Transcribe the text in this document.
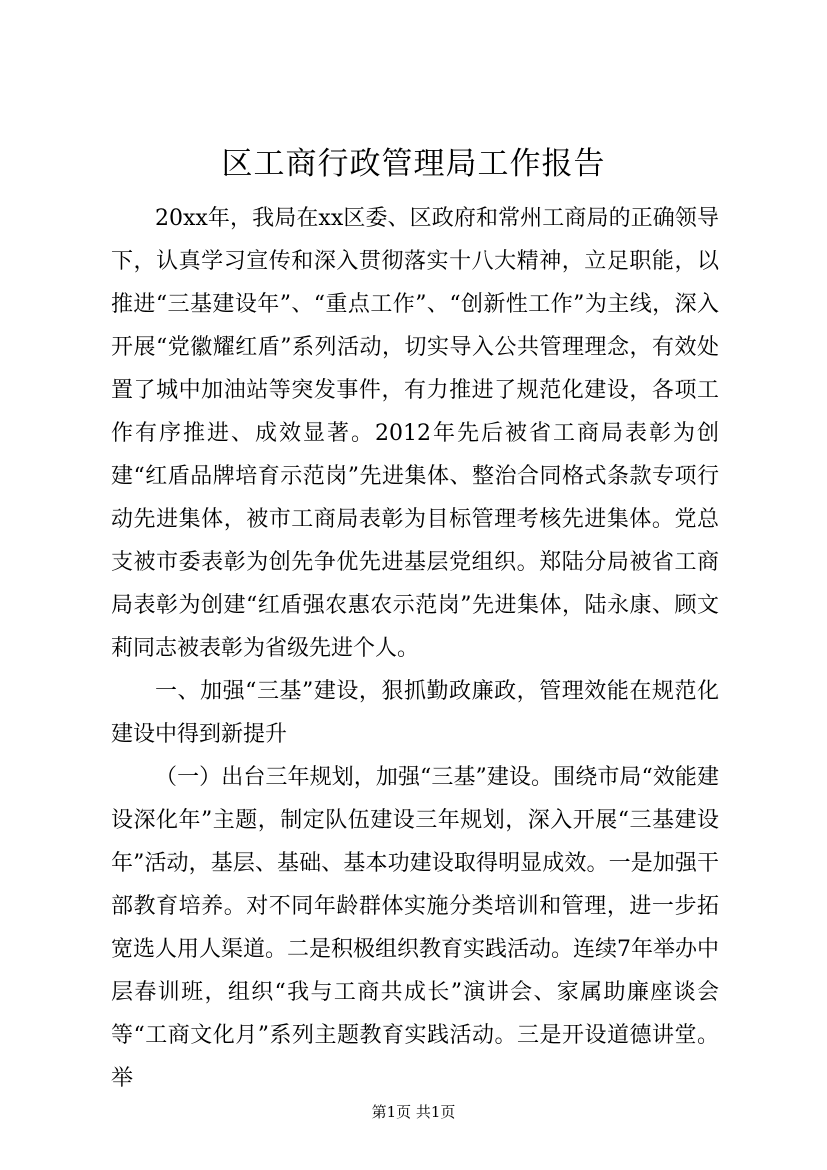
区工商行政管理局工作报告

20xx年，我局在xx区委、区政府和常州工商局的正确领导下，认真学习宣传和深入贯彻落实十八大精神，立足职能，以推进“三基建设年”、“重点工作”、“创新性工作”为主线，深入开展“党徽耀红盾”系列活动，切实导入公共管理理念，有效处置了城中加油站等突发事件，有力推进了规范化建设，各项工作有序推进、成效显著。2012年先后被省工商局表彰为创建“红盾品牌培育示范岗”先进集体、整治合同格式条款专项行动先进集体，被市工商局表彰为目标管理考核先进集体。党总支被市委表彰为创先争优先进基层党组织。郑陆分局被省工商局表彰为创建“红盾强农惠农示范岗”先进集体，陆永康、顾文莉同志被表彰为省级先进个人。

一、加强“三基”建设，狠抓勤政廉政，管理效能在规范化建设中得到新提升

（一）出台三年规划，加强“三基”建设。围绕市局“效能建设深化年”主题，制定队伍建设三年规划，深入开展“三基建设年”活动，基层、基础、基本功建设取得明显成效。一是加强干部教育培养。对不同年龄群体实施分类培训和管理，进一步拓宽选人用人渠道。二是积极组织教育实践活动。连续7年举办中层春训班，组织“我与工商共成长”演讲会、家属助廉座谈会等“工商文化月”系列主题教育实践活动。三是开设道德讲堂。举

第1页 共1页
